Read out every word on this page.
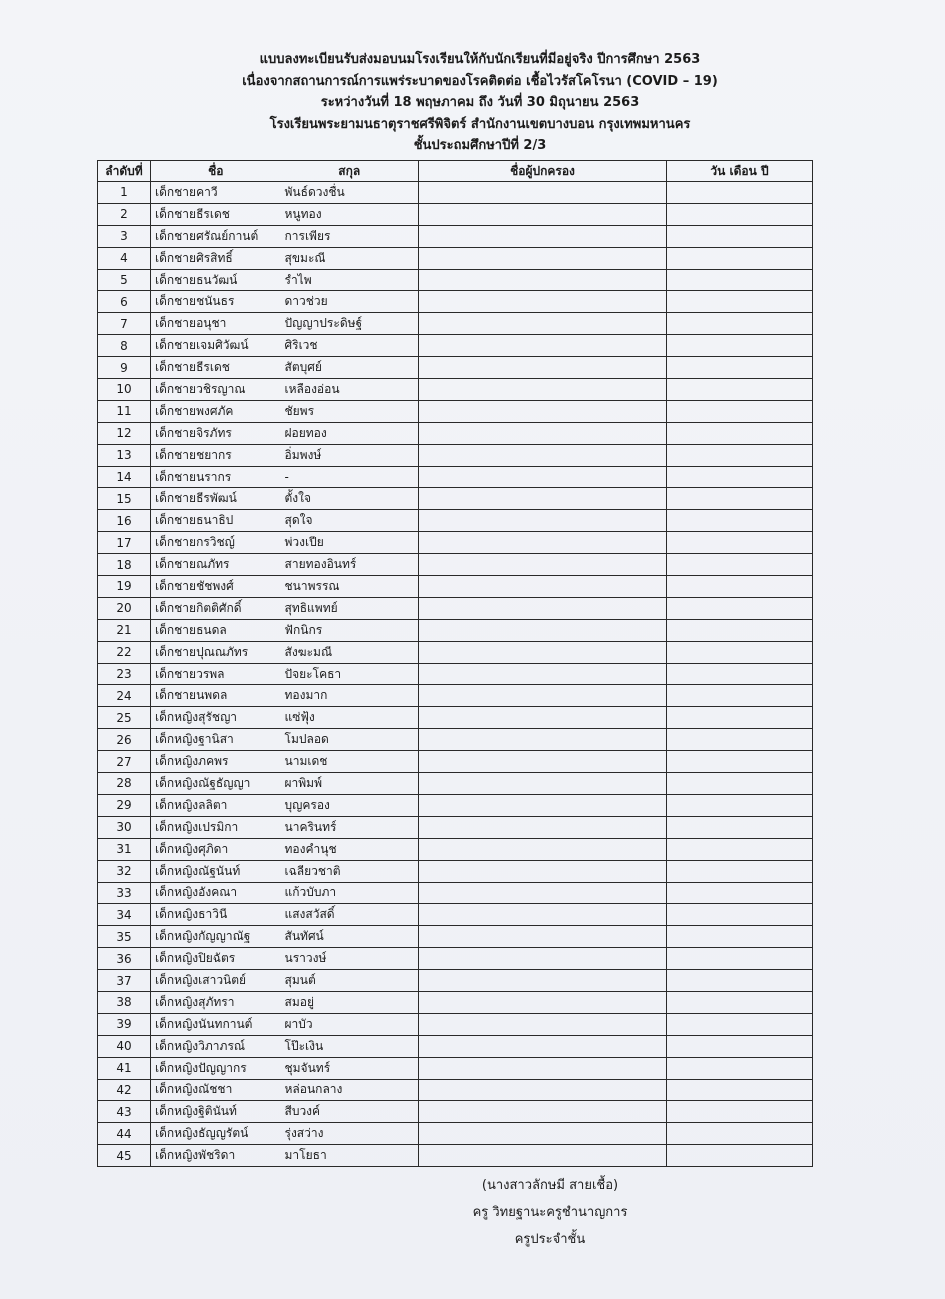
แบบลงทะเบียนรับส่งมอบนมโรงเรียนให้กับนักเรียนที่มีอยู่จริง ปีการศึกษา 2563
เนื่องจากสถานการณ์การแพร่ระบาดของโรคติดต่อ เชื้อไวรัสโคโรนา (COVID – 19)
ระหว่างวันที่ 18 พฤษภาคม ถึง วันที่ 30 มิถุนายน 2563
โรงเรียนพระยามนธาตุราชศรีพิจิตร์ สำนักงานเขตบางบอน กรุงเทพมหานคร
ชั้นประถมศึกษาปีที่ 2/3
ลำดับที่	ชื่อ	สกุล	ชื่อผู้ปกครอง	วัน เดือน ปี
1	เด็กชายคาวี	พันธ์ดวงชื่น		
2	เด็กชายธีรเดช	หนูทอง		
3	เด็กชายศรัณย์กานต์	การเพียร		
4	เด็กชายศิรสิทธิ์	สุขมะณี		
5	เด็กชายธนวัฒน์	รำไพ		
6	เด็กชายชนันธร	ดาวช่วย		
7	เด็กชายอนุชา	ปัญญาประดิษฐ์		
8	เด็กชายเจมศิวัฒน์	ศิริเวช		
9	เด็กชายธีรเดช	สัตบุศย์		
10	เด็กชายวชิรญาณ	เหลืองอ่อน		
11	เด็กชายพงศภัค	ชัยพร		
12	เด็กชายจิรภัทร	ฝอยทอง		
13	เด็กชายชยากร	อิ่มพงษ์		
14	เด็กชายนรากร	-		
15	เด็กชายธีรพัฒน์	ตั้งใจ		
16	เด็กชายธนาธิป	สุดใจ		
17	เด็กชายกรวิชญ์	พ่วงเปีย		
18	เด็กชายณภัทร	สายทองอินทร์		
19	เด็กชายชัชพงศ์	ชนาพรรณ		
20	เด็กชายกิตติศักดิ์	สุทธิแพทย์		
21	เด็กชายธนดล	ฟักนิกร		
22	เด็กชายปุณณภัทร	สังฆะมณี		
23	เด็กชายวรพล	ปัจยะโคธา		
24	เด็กชายนพดล	ทองมาก		
25	เด็กหญิงสุรัชญา	แซ่ฟุ้ง		
26	เด็กหญิงฐานิสา	โมปลอด		
27	เด็กหญิงภคพร	นามเดช		
28	เด็กหญิงณัฐธัญญา	ผาพิมพ์		
29	เด็กหญิงลลิตา	บุญครอง		
30	เด็กหญิงเปรมิกา	นาครินทร์		
31	เด็กหญิงศุภิดา	ทองคำนุช		
32	เด็กหญิงณัฐนันท์	เฉลียวชาติ		
33	เด็กหญิงอังคณา	แก้วบับภา		
34	เด็กหญิงธาวินี	แสงสวัสดิ์		
35	เด็กหญิงกัญญาณัฐ	สันทัศน์		
36	เด็กหญิงปิยฉัตร	นราวงษ์		
37	เด็กหญิงเสาวนิตย์	สุมนต์		
38	เด็กหญิงสุภัทรา	สมอยู่		
39	เด็กหญิงนันทกานต์	ผาบัว		
40	เด็กหญิงวิภาภรณ์	โป๊ะเงิน		
41	เด็กหญิงปัญญากร	ชุมจันทร์		
42	เด็กหญิงณัชชา	หล่อนกลาง		
43	เด็กหญิงฐิตินันท์	สีบวงค์		
44	เด็กหญิงธัญญรัตน์	รุ่งสว่าง		
45	เด็กหญิงพัชริดา	มาโยธา		
(นางสาวลักษมี สายเชื้อ)
ครู วิทยฐานะครูชำนาญการ
ครูประจำชั้น
